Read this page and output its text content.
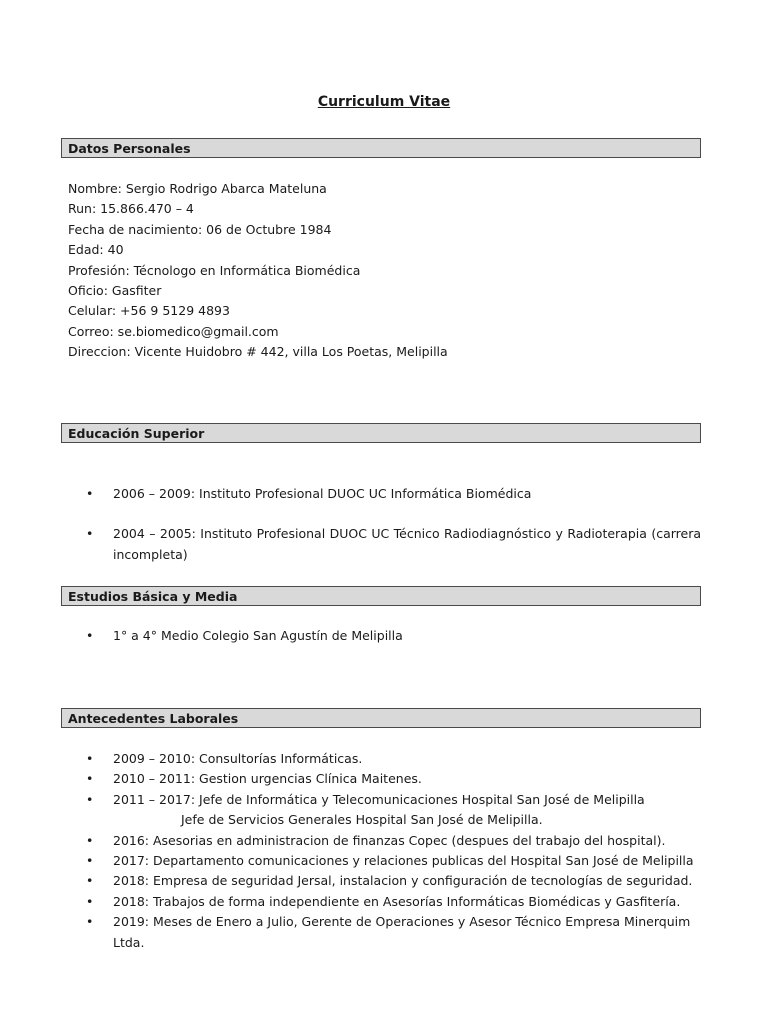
Curriculum Vitae
Datos Personales
Nombre: Sergio Rodrigo Abarca Mateluna
Run: 15.866.470 – 4
Fecha de nacimiento: 06 de Octubre 1984
Edad: 40
Profesión: Técnologo en Informática Biomédica
Oficio: Gasfiter
Celular: +56 9 5129 4893
Correo: se.biomedico@gmail.com
Direccion: Vicente Huidobro # 442, villa Los Poetas, Melipilla
Educación Superior
•
2006 – 2009: Instituto Profesional DUOC UC Informática Biomédica
•
2004 – 2005: Instituto Profesional DUOC UC Técnico Radiodiagnóstico y Radioterapia (carrera incompleta)
Estudios Básica y Media
•
1° a 4° Medio Colegio San Agustín de Melipilla
Antecedentes Laborales
•
2009 – 2010: Consultorías Informáticas.
•
2010 – 2011: Gestion urgencias Clínica Maitenes.
•
2011 – 2017: Jefe de Informática y Telecomunicaciones Hospital San José de Melipilla
Jefe de Servicios Generales Hospital San José de Melipilla.
•
2016: Asesorias en administracion de finanzas Copec (despues del trabajo del hospital).
•
2017: Departamento comunicaciones y relaciones publicas del Hospital San José de Melipilla
•
2018: Empresa de seguridad Jersal, instalacion y configuración de tecnologías de seguridad.
•
2018: Trabajos de forma independiente en Asesorías Informáticas Biomédicas y Gasfitería.
•
2019: Meses de Enero a Julio, Gerente de Operaciones y Asesor Técnico Empresa Minerquim Ltda.
